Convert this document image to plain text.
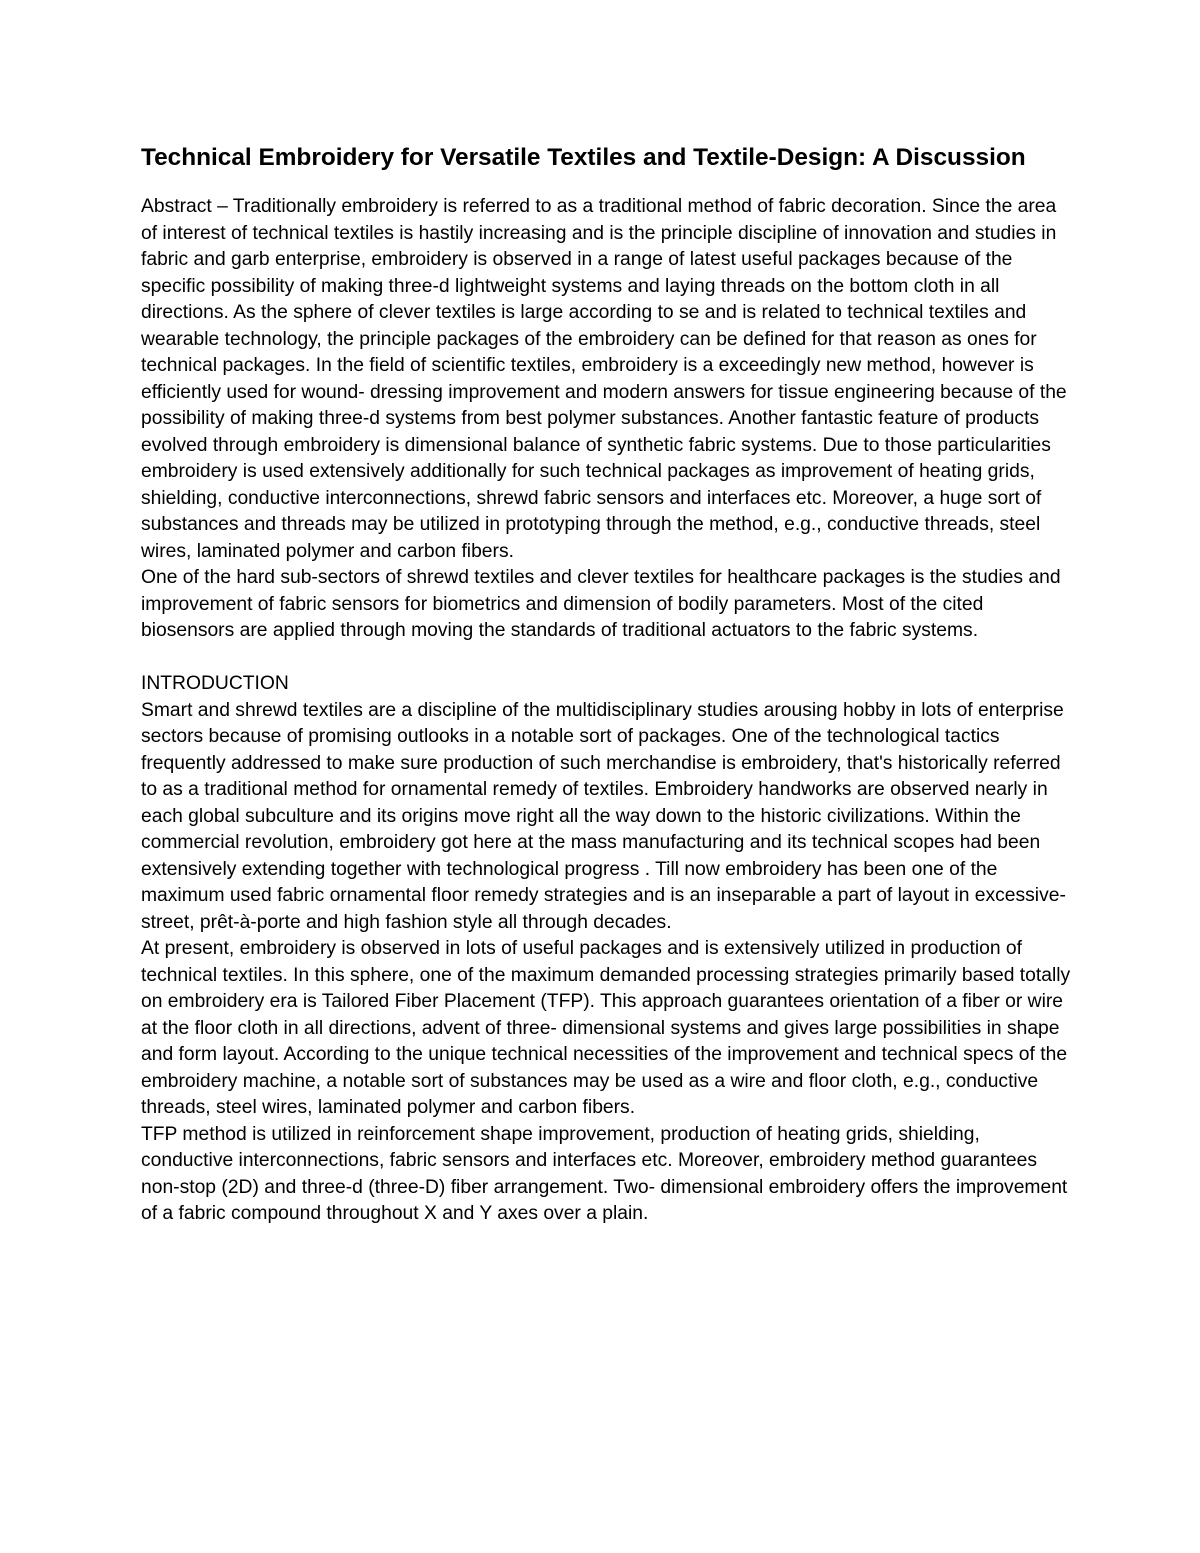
Technical Embroidery for Versatile Textiles and Textile-Design: A Discussion

Abstract – Traditionally embroidery is referred to as a traditional method of fabric decoration. Since the area of interest of technical textiles is hastily increasing and is the principle discipline of innovation and studies in fabric and garb enterprise, embroidery is observed in a range of latest useful packages because of the specific possibility of making three-d lightweight systems and laying threads on the bottom cloth in all directions. As the sphere of clever textiles is large according to se and is related to technical textiles and wearable technology, the principle packages of the embroidery can be defined for that reason as ones for technical packages. In the field of scientific textiles, embroidery is a exceedingly new method, however is efficiently used for wound- dressing improvement and modern answers for tissue engineering because of the possibility of making three-d systems from best polymer substances. Another fantastic feature of products evolved through embroidery is dimensional balance of synthetic fabric systems. Due to those particularities embroidery is used extensively additionally for such technical packages as improvement of heating grids, shielding, conductive interconnections, shrewd fabric sensors and interfaces etc. Moreover, a huge sort of substances and threads may be utilized in prototyping through the method, e.g., conductive threads, steel wires, laminated polymer and carbon fibers.

One of the hard sub-sectors of shrewd textiles and clever textiles for healthcare packages is the studies and improvement of fabric sensors for biometrics and dimension of bodily parameters. Most of the cited biosensors are applied through moving the standards of traditional actuators to the fabric systems.

INTRODUCTION

Smart and shrewd textiles are a discipline of the multidisciplinary studies arousing hobby in lots of enterprise sectors because of promising outlooks in a notable sort of packages. One of the technological tactics frequently addressed to make sure production of such merchandise is embroidery, that's historically referred to as a traditional method for ornamental remedy of textiles. Embroidery handworks are observed nearly in each global subculture and its origins move right all the way down to the historic civilizations. Within the commercial revolution, embroidery got here at the mass manufacturing and its technical scopes had been extensively extending together with technological progress . Till now embroidery has been one of the maximum used fabric ornamental floor remedy strategies and is an inseparable a part of layout in excessive-street, prêt-à-porte and high fashion style all through decades.

At present, embroidery is observed in lots of useful packages and is extensively utilized in production of technical textiles. In this sphere, one of the maximum demanded processing strategies primarily based totally on embroidery era is Tailored Fiber Placement (TFP). This approach guarantees orientation of a fiber or wire at the floor cloth in all directions, advent of three- dimensional systems and gives large possibilities in shape and form layout. According to the unique technical necessities of the improvement and technical specs of the embroidery machine, a notable sort of substances may be used as a wire and floor cloth, e.g., conductive threads, steel wires, laminated polymer and carbon fibers.

TFP method is utilized in reinforcement shape improvement, production of heating grids, shielding, conductive interconnections, fabric sensors and interfaces etc. Moreover, embroidery method guarantees non-stop (2D) and three-d (three-D) fiber arrangement. Two- dimensional embroidery offers the improvement of a fabric compound throughout X and Y axes over a plain.
